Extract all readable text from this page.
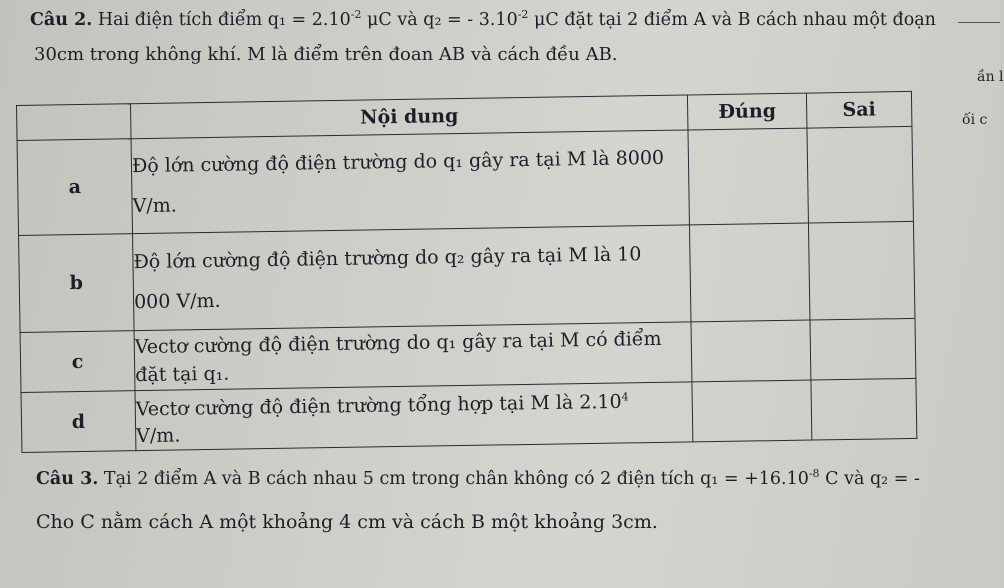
Câu 2. Hai điện tích điểm $q_1 = 2.10^{-2}$ μC và q₂ = - $3.10^{-2}$ μC đặt tại 2 điểm A và B cách nhau một đoạn
30cm trong không khí. M là điểm trên đoan AB và cách đều AB.
ần l
ối c
	Nội dung	Đúng	Sai
a	Độ lớn cường độ điện trường do q₁ gây ra tại M là 8000
V/m.		

b	Độ lớn cường độ điện trường do q₂ gây ra tại M là 10
000 V/m.		

c	Vectơ cường độ điện trường do q₁ gây ra tại M có điểm
đặt tại q₁.		

d	Vectơ cường độ điện trường tổng hợp tại M là 2.10$^4$
V/m.		

Câu 3. Tại 2 điểm A và B cách nhau 5 cm trong chân không có 2 điện tích $q_1 = +16.10^{-8}$ C và q₂ = -
Cho C nằm cách A một khoảng 4 cm và cách B một khoảng 3cm.
